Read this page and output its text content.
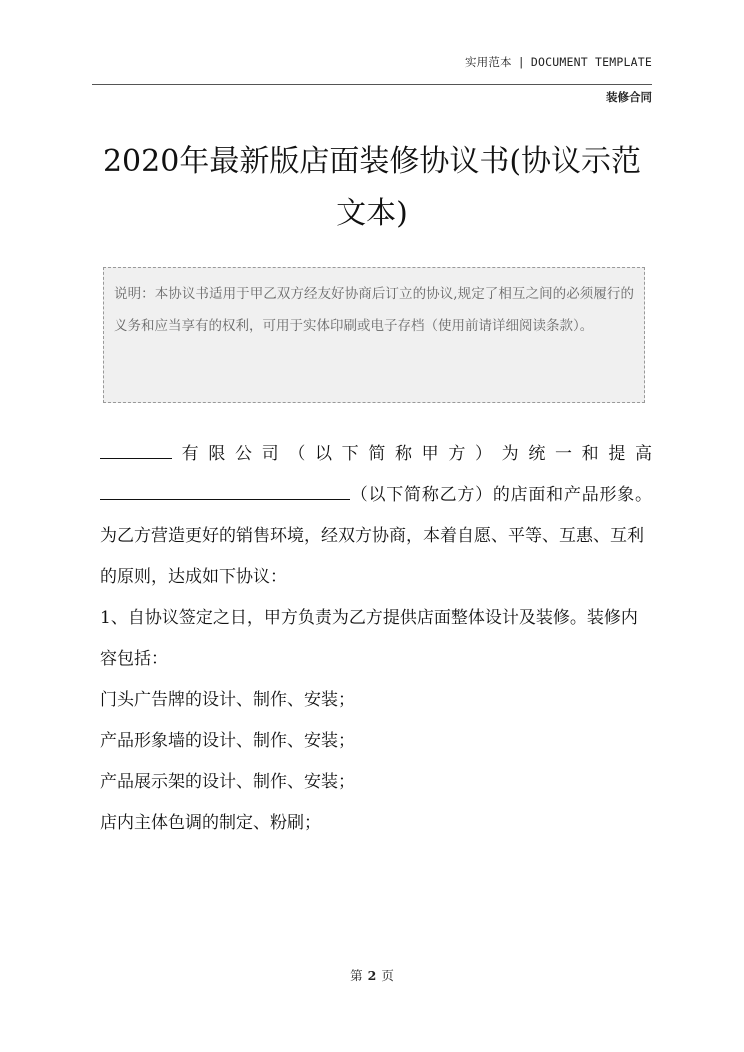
实用范本 | DOCUMENT TEMPLATE
装修合同
2020年最新版店面装修协议书(协议示范文本)
说明：本协议书适用于甲乙双方经友好协商后订立的协议,规定了相互之间的必须履行的义务和应当享有的权利，可用于实体印刷或电子存档（使用前请详细阅读条款）。

有限公司（以下简称甲方）为统一和提高

（以下简称乙方）的店面和产品形象。

为乙方营造更好的销售环境，经双方协商，本着自愿、平等、互惠、互利的原则，达成如下协议：

1、自协议签定之日，甲方负责为乙方提供店面整体设计及装修。装修内容包括：

门头广告牌的设计、制作、安装；

产品形象墙的设计、制作、安装；

产品展示架的设计、制作、安装；

店内主体色调的制定、粉刷；

第 2 页
